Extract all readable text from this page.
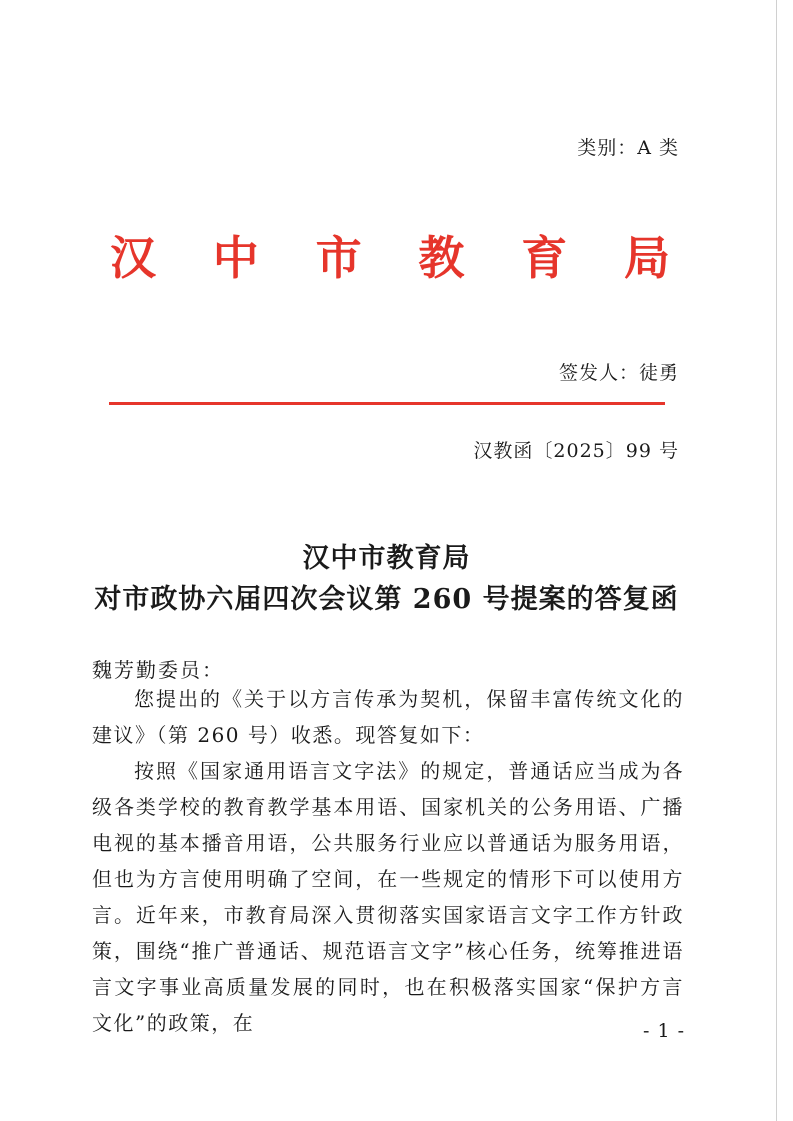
类别：A 类
汉 中 市 教 育 局
签发人：徒勇
汉教函〔2025〕99 号
汉中市教育局
对市政协六届四次会议第 260 号提案的答复函
魏芳勤委员：

您提出的《关于以方言传承为契机，保留丰富传统文化的建议》（第 260 号）收悉。现答复如下：

按照《国家通用语言文字法》的规定，普通话应当成为各级各类学校的教育教学基本用语、国家机关的公务用语、广播电视的基本播音用语，公共服务行业应以普通话为服务用语，但也为方言使用明确了空间，在一些规定的情形下可以使用方言。近年来，市教育局深入贯彻落实国家语言文字工作方针政策，围绕“推广普通话、规范语言文字”核心任务，统筹推进语言文字事业高质量发展的同时，也在积极落实国家“保护方言文化”的政策，在	- 1 -
